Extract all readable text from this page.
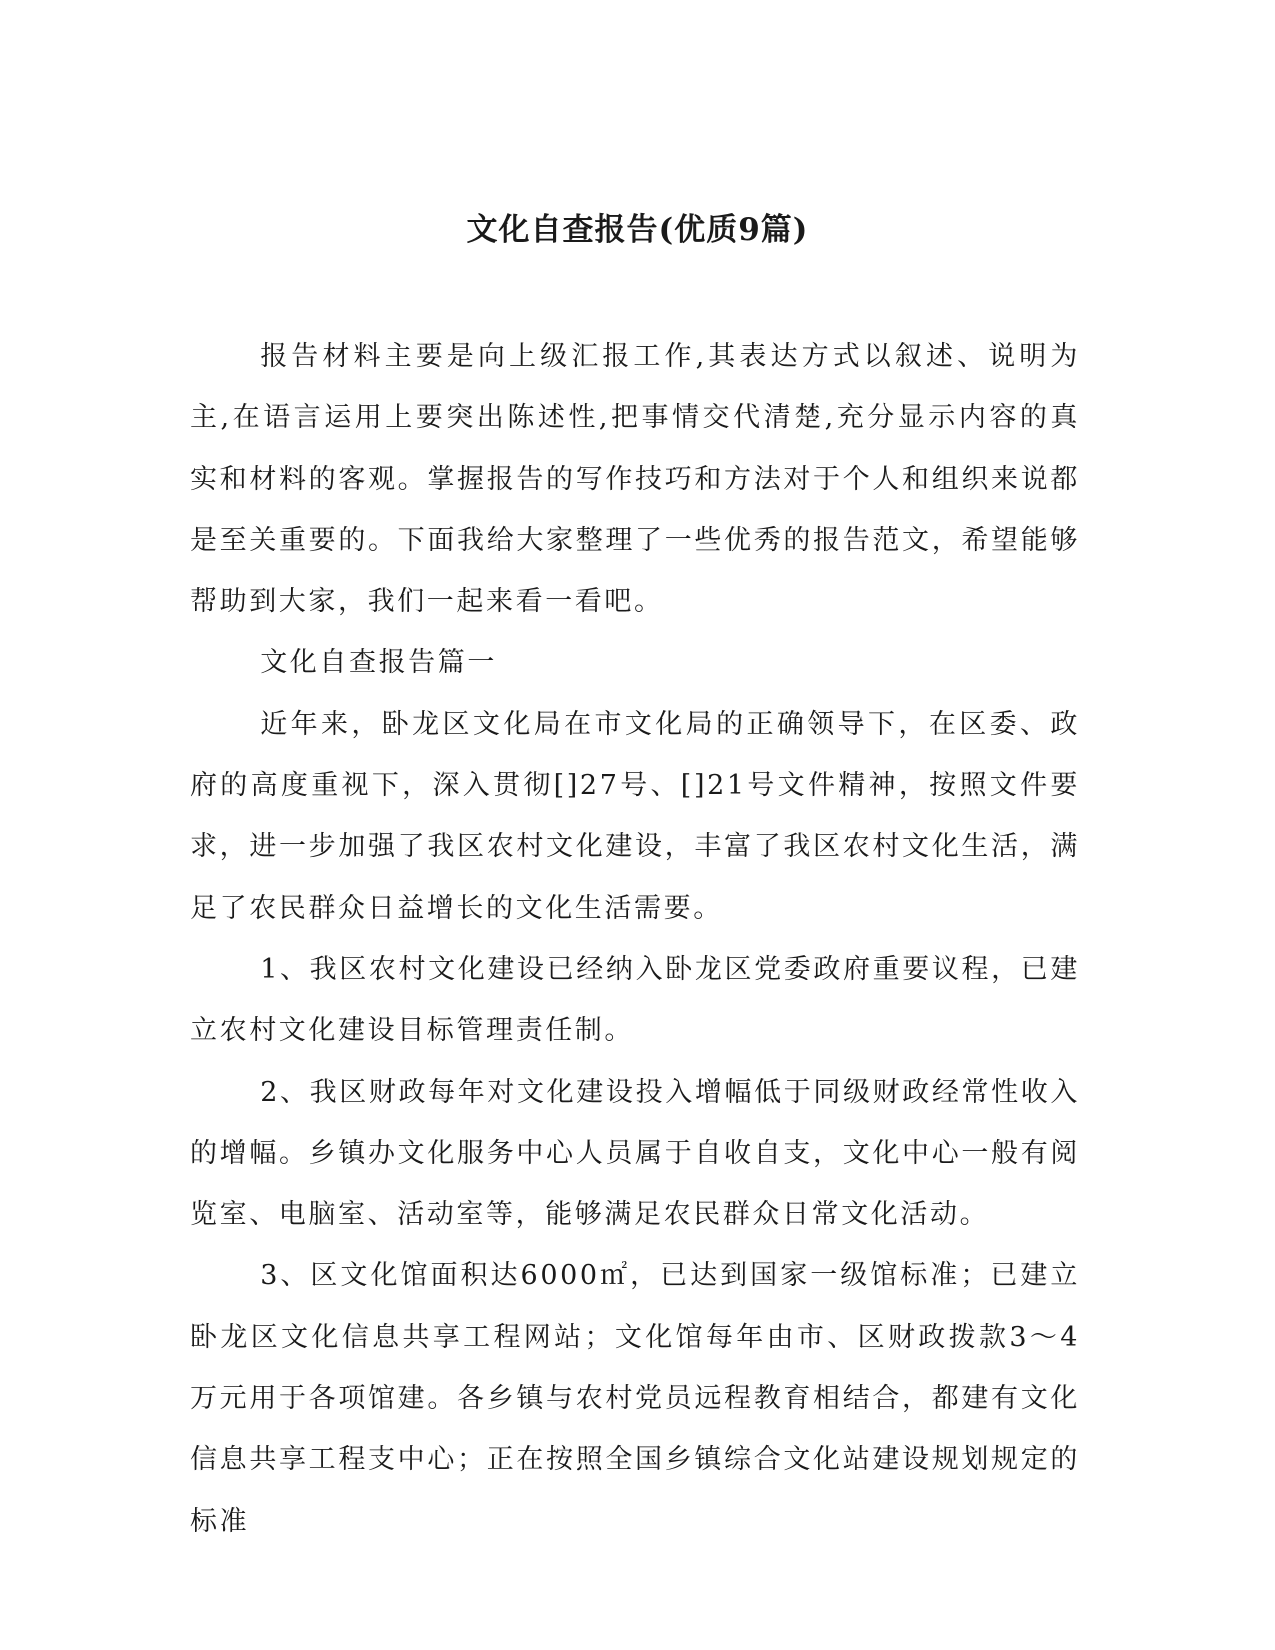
文化自查报告(优质9篇)

报告材料主要是向上级汇报工作,其表达方式以叙述、说明为主,在语言运用上要突出陈述性,把事情交代清楚,充分显示内容的真实和材料的客观。掌握报告的写作技巧和方法对于个人和组织来说都是至关重要的。下面我给大家整理了一些优秀的报告范文，希望能够帮助到大家，我们一起来看一看吧。

文化自查报告篇一

近年来，卧龙区文化局在市文化局的正确领导下，在区委、政府的高度重视下，深入贯彻[]27号、[]21号文件精神，按照文件要求，进一步加强了我区农村文化建设，丰富了我区农村文化生活，满足了农民群众日益增长的文化生活需要。

1、我区农村文化建设已经纳入卧龙区党委政府重要议程，已建立农村文化建设目标管理责任制。

2、我区财政每年对文化建设投入增幅低于同级财政经常性收入的增幅。乡镇办文化服务中心人员属于自收自支，文化中心一般有阅览室、电脑室、活动室等，能够满足农民群众日常文化活动。

3、区文化馆面积达6000㎡，已达到国家一级馆标准；已建立卧龙区文化信息共享工程网站；文化馆每年由市、区财政拨款3～4万元用于各项馆建。各乡镇与农村党员远程教育相结合，都建有文化信息共享工程支中心；正在按照全国乡镇综合文化站建设规划规定的标准
